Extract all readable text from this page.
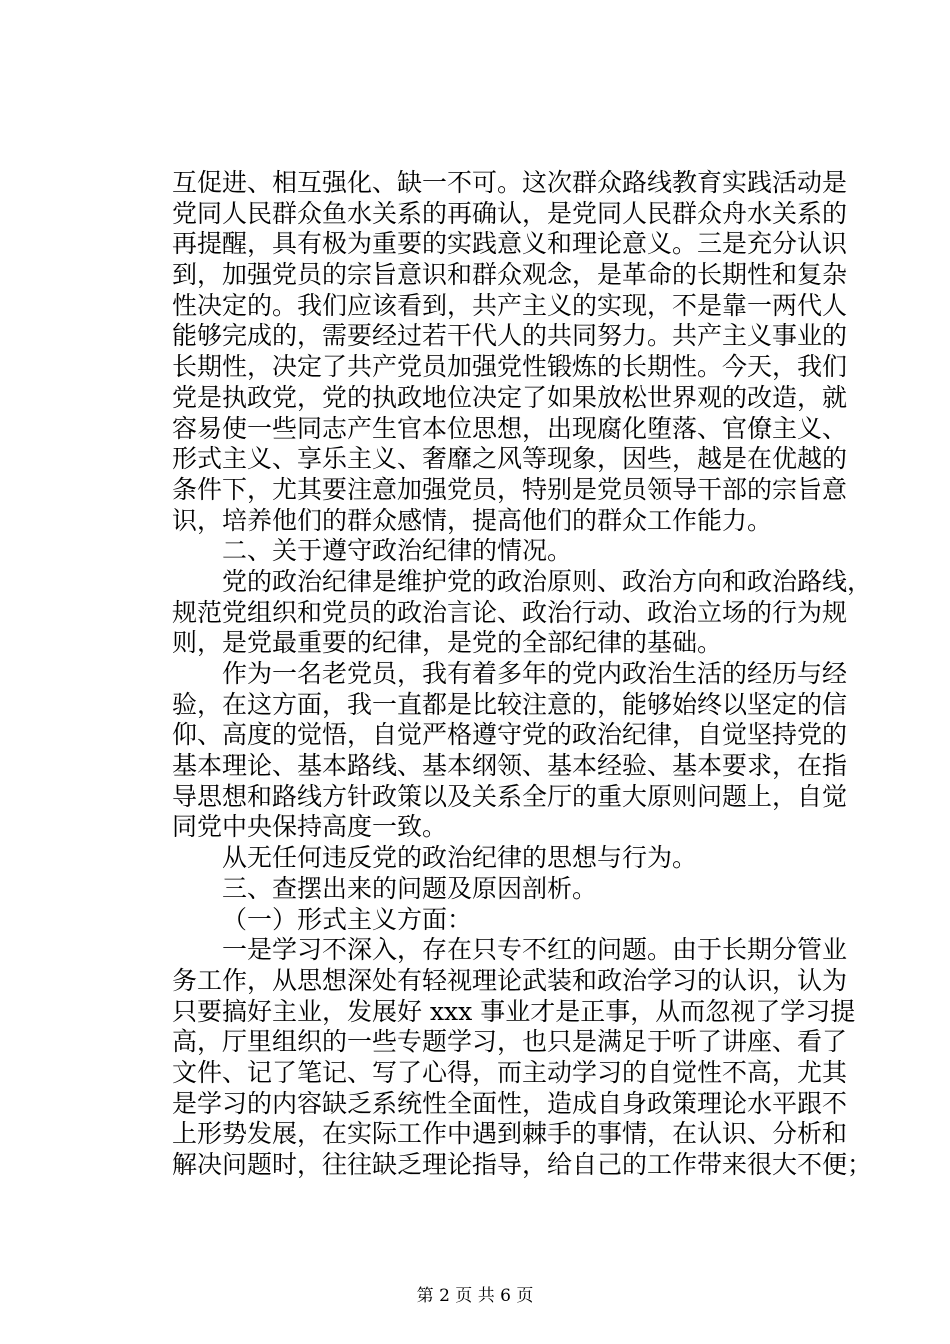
互促进、相互强化、缺一不可。这次群众路线教育实践活动是
党同人民群众鱼水关系的再确认，是党同人民群众舟水关系的
再提醒，具有极为重要的实践意义和理论意义。三是充分认识
到，加强党员的宗旨意识和群众观念，是革命的长期性和复杂
性决定的。我们应该看到，共产主义的实现，不是靠一两代人
能够完成的，需要经过若干代人的共同努力。共产主义事业的
长期性，决定了共产党员加强党性锻炼的长期性。今天，我们
党是执政党，党的执政地位决定了如果放松世界观的改造，就
容易使一些同志产生官本位思想，出现腐化堕落、官僚主义、
形式主义、享乐主义、奢靡之风等现象，因些，越是在优越的
条件下，尤其要注意加强党员，特别是党员领导干部的宗旨意
识，培养他们的群众感情，提高他们的群众工作能力。
二、关于遵守政治纪律的情况。
党的政治纪律是维护党的政治原则、政治方向和政治路线，
规范党组织和党员的政治言论、政治行动、政治立场的行为规
则，是党最重要的纪律，是党的全部纪律的基础。
作为一名老党员，我有着多年的党内政治生活的经历与经
验，在这方面，我一直都是比较注意的，能够始终以坚定的信
仰、高度的觉悟，自觉严格遵守党的政治纪律，自觉坚持党的
基本理论、基本路线、基本纲领、基本经验、基本要求，在指
导思想和路线方针政策以及关系全厅的重大原则问题上，自觉
同党中央保持高度一致。
从无任何违反党的政治纪律的思想与行为。
三、查摆出来的问题及原因剖析。
（一）形式主义方面：
一是学习不深入，存在只专不红的问题。由于长期分管业
务工作，从思想深处有轻视理论武装和政治学习的认识，认为
只要搞好主业，发展好 xxx 事业才是正事，从而忽视了学习提
高，厅里组织的一些专题学习，也只是满足于听了讲座、看了
文件、记了笔记、写了心得，而主动学习的自觉性不高，尤其
是学习的内容缺乏系统性全面性，造成自身政策理论水平跟不
上形势发展，在实际工作中遇到棘手的事情，在认识、分析和
解决问题时，往往缺乏理论指导，给自己的工作带来很大不便；
第 2 页 共 6 页
